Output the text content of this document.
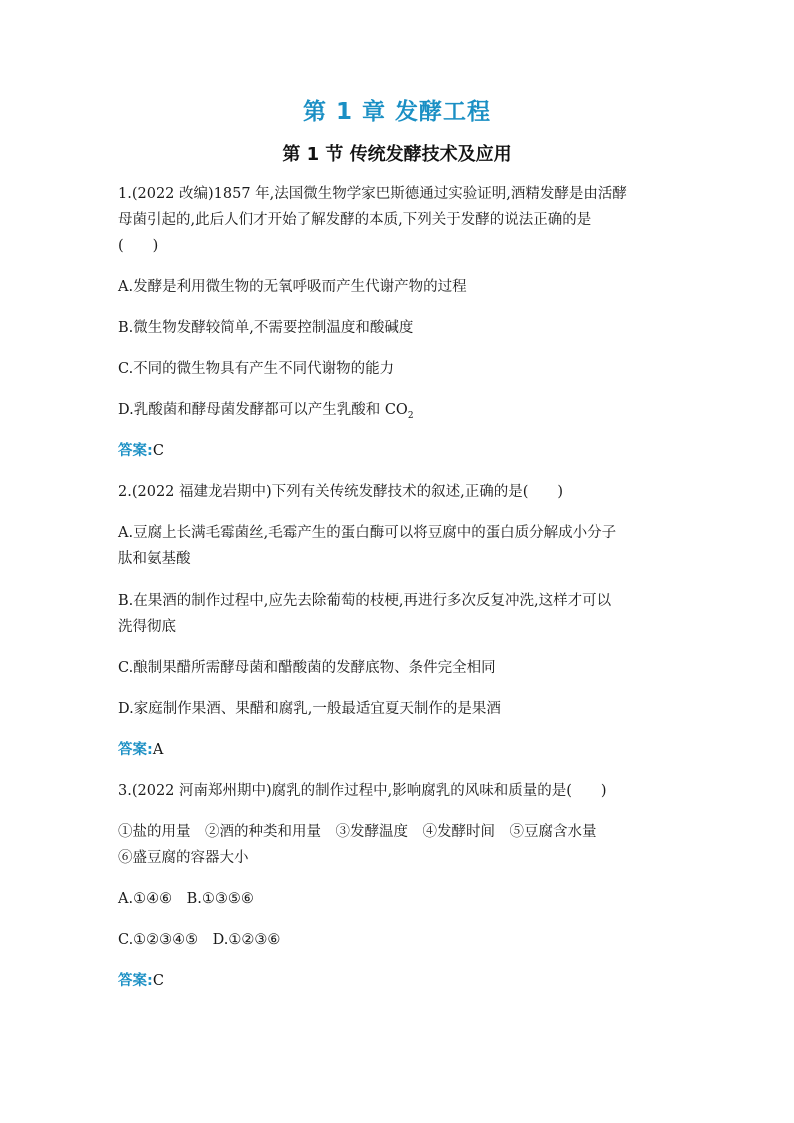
第 1 章 发酵工程
第 1 节 传统发酵技术及应用
1.(2022 改编)1857 年,法国微生物学家巴斯德通过实验证明,酒精发酵是由活酵
母菌引起的,此后人们才开始了解发酵的本质,下列关于发酵的说法正确的是
(　　)
A.发酵是利用微生物的无氧呼吸而产生代谢产物的过程
B.微生物发酵较简单,不需要控制温度和酸碱度
C.不同的微生物具有产生不同代谢物的能力
D.乳酸菌和酵母菌发酵都可以产生乳酸和 $CO_2$
答案:C
2.(2022 福建龙岩期中)下列有关传统发酵技术的叙述,正确的是(　　)
A.豆腐上长满毛霉菌丝,毛霉产生的蛋白酶可以将豆腐中的蛋白质分解成小分子
肽和氨基酸
B.在果酒的制作过程中,应先去除葡萄的枝梗,再进行多次反复冲洗,这样才可以
洗得彻底
C.酿制果醋所需酵母菌和醋酸菌的发酵底物、条件完全相同
D.家庭制作果酒、果醋和腐乳,一般最适宜夏天制作的是果酒
答案:A
3.(2022 河南郑州期中)腐乳的制作过程中,影响腐乳的风味和质量的是(　　)
①盐的用量　②酒的种类和用量　③发酵温度　④发酵时间　⑤豆腐含水量
⑥盛豆腐的容器大小
A.①④⑥　B.①③⑤⑥
C.①②③④⑤　D.①②③⑥
答案:C
